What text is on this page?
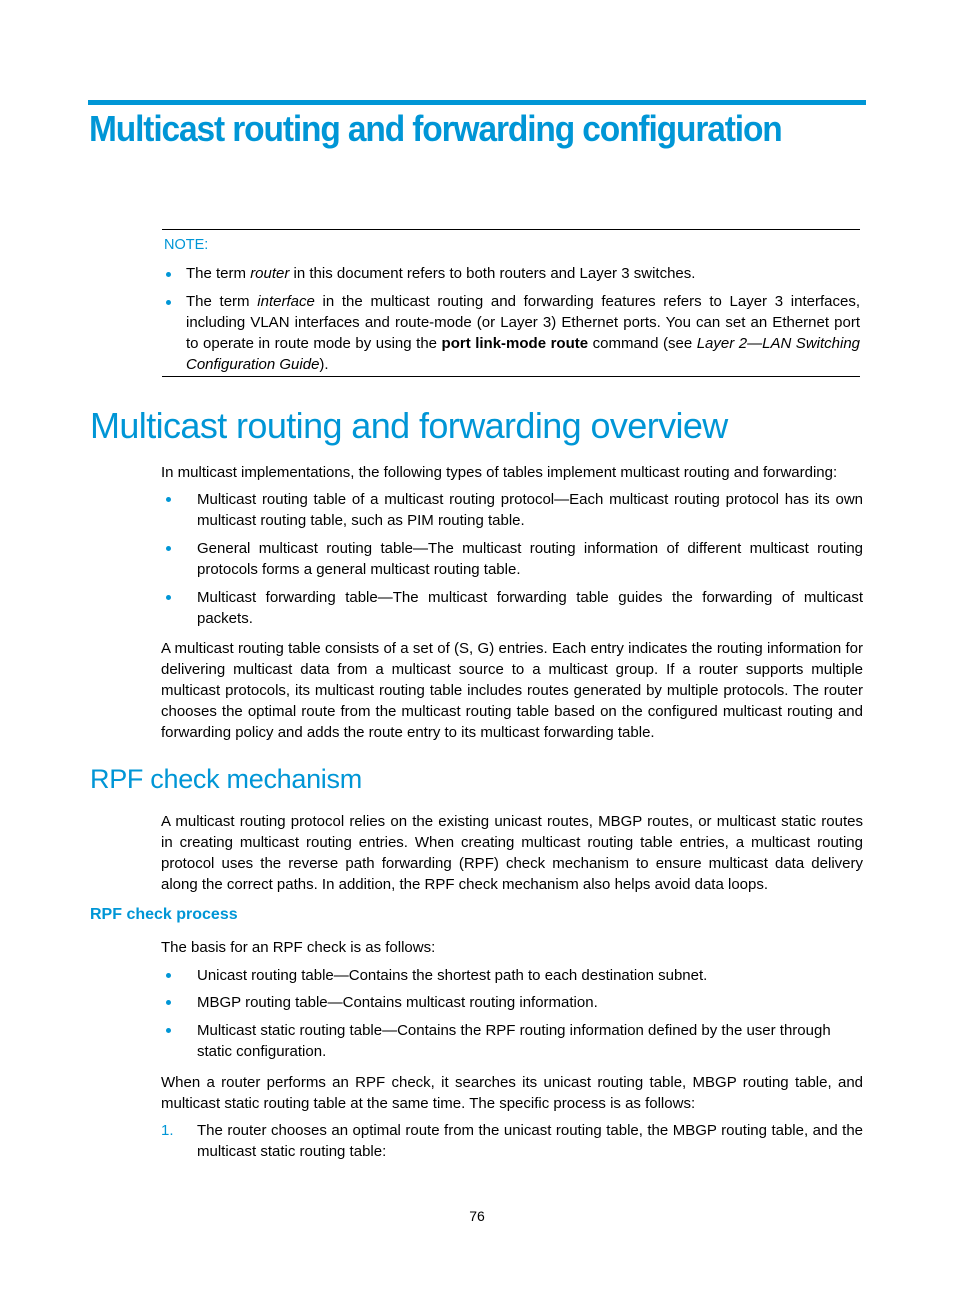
Multicast routing and forwarding configuration
NOTE:
The term router in this document refers to both routers and Layer 3 switches.
The term interface in the multicast routing and forwarding features refers to Layer 3 interfaces, including VLAN interfaces and route-mode (or Layer 3) Ethernet ports. You can set an Ethernet port to operate in route mode by using the port link-mode route command (see Layer 2—LAN Switching Configuration Guide).
Multicast routing and forwarding overview
In multicast implementations, the following types of tables implement multicast routing and forwarding:
Multicast routing table of a multicast routing protocol—Each multicast routing protocol has its own multicast routing table, such as PIM routing table.
General multicast routing table—The multicast routing information of different multicast routing protocols forms a general multicast routing table.
Multicast forwarding table—The multicast forwarding table guides the forwarding of multicast packets.
A multicast routing table consists of a set of (S, G) entries. Each entry indicates the routing information for delivering multicast data from a multicast source to a multicast group. If a router supports multiple multicast protocols, its multicast routing table includes routes generated by multiple protocols. The router chooses the optimal route from the multicast routing table based on the configured multicast routing and forwarding policy and adds the route entry to its multicast forwarding table.
RPF check mechanism
A multicast routing protocol relies on the existing unicast routes, MBGP routes, or multicast static routes in creating multicast routing entries. When creating multicast routing table entries, a multicast routing protocol uses the reverse path forwarding (RPF) check mechanism to ensure multicast data delivery along the correct paths. In addition, the RPF check mechanism also helps avoid data loops.
RPF check process
The basis for an RPF check is as follows:
Unicast routing table—Contains the shortest path to each destination subnet.
MBGP routing table—Contains multicast routing information.
Multicast static routing table—Contains the RPF routing information defined by the user through static configuration.
When a router performs an RPF check, it searches its unicast routing table, MBGP routing table, and multicast static routing table at the same time. The specific process is as follows:
1. The router chooses an optimal route from the unicast routing table, the MBGP routing table, and the multicast static routing table:
76
